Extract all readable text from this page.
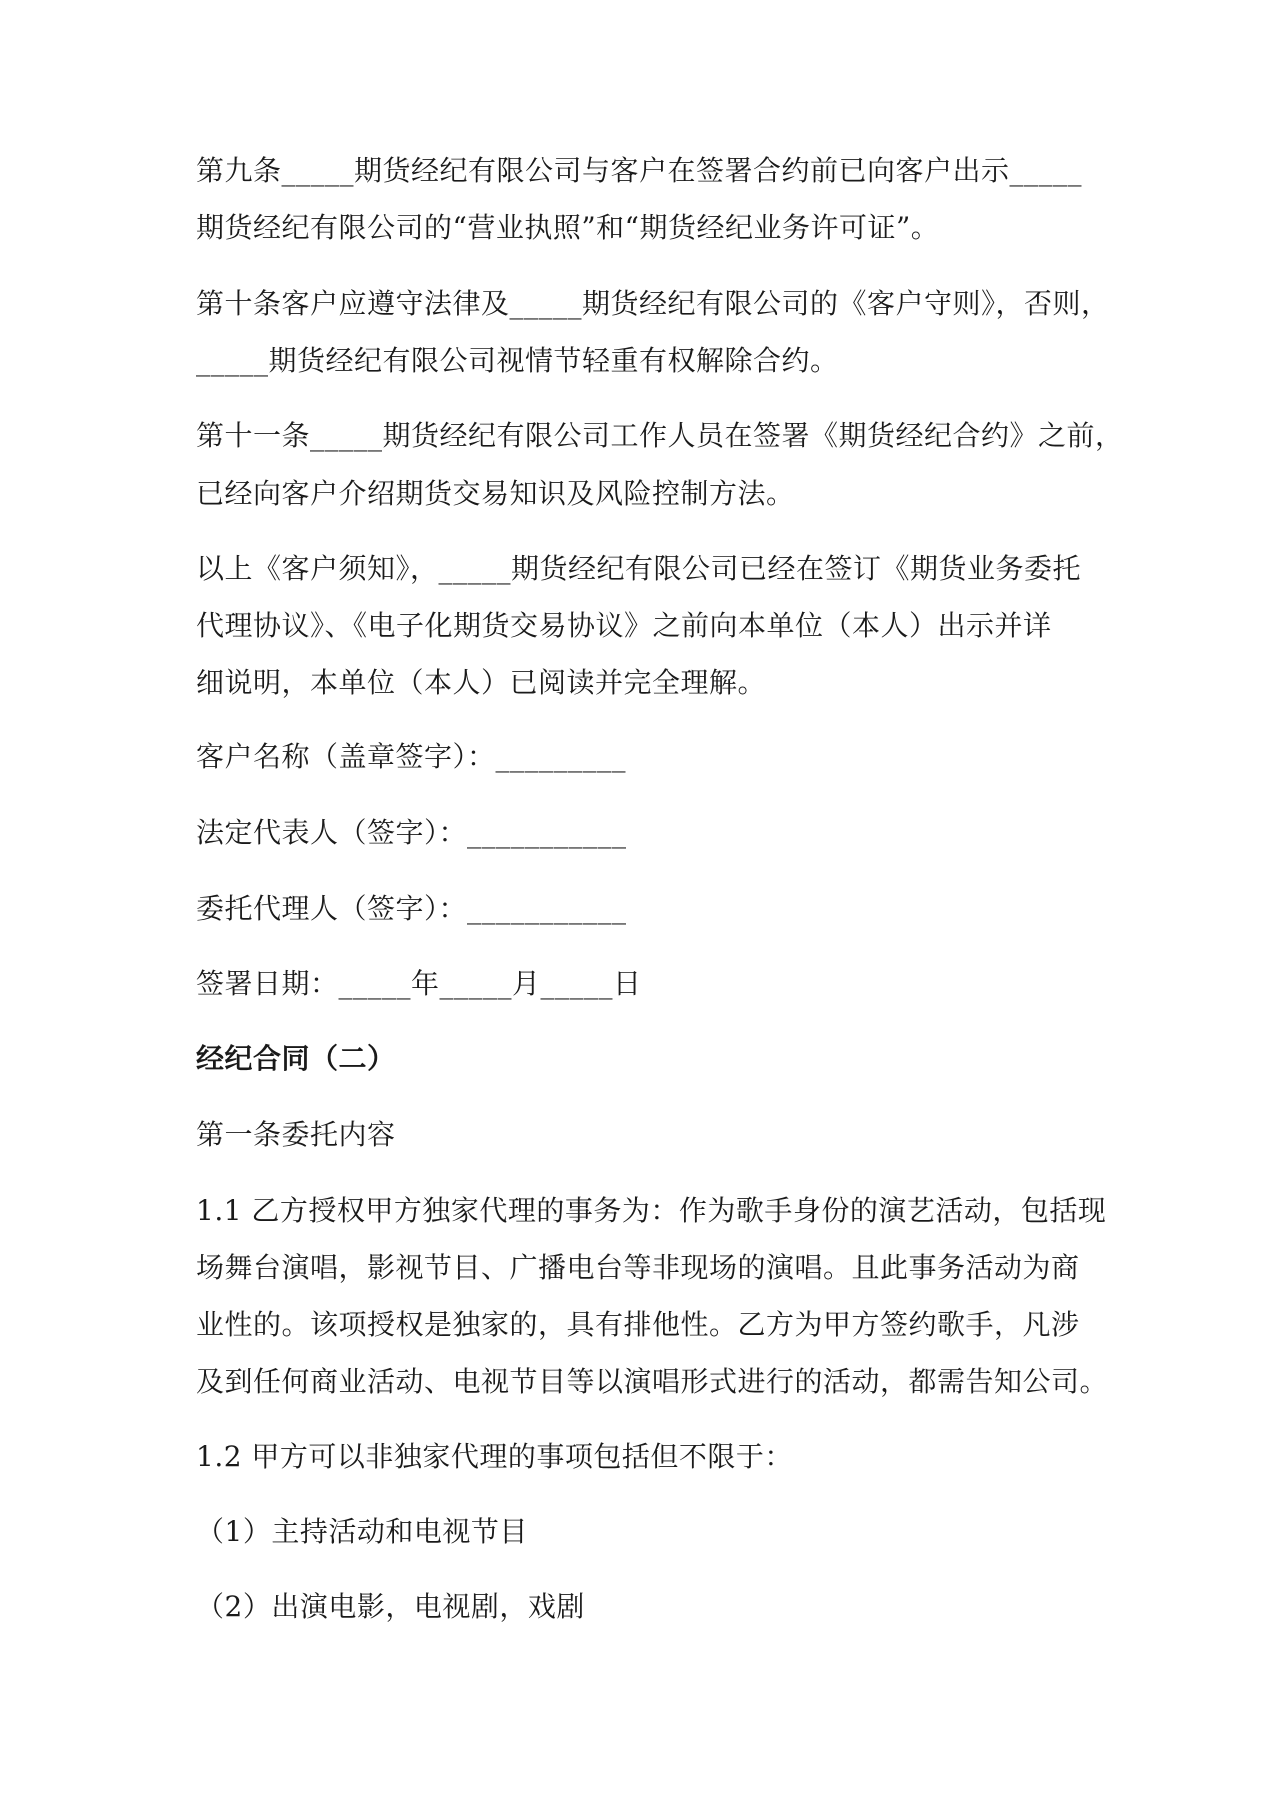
第九条_____期货经纪有限公司与客户在签署合约前已向客户出示_____

期货经纪有限公司的“营业执照”和“期货经纪业务许可证”。

第十条客户应遵守法律及_____期货经纪有限公司的《客户守则》，否则，

_____期货经纪有限公司视情节轻重有权解除合约。

第十一条_____期货经纪有限公司工作人员在签署《期货经纪合约》之前，

已经向客户介绍期货交易知识及风险控制方法。

以上《客户须知》，_____期货经纪有限公司已经在签订《期货业务委托

代理协议》、《电子化期货交易协议》之前向本单位（本人）出示并详

细说明，本单位（本人）已阅读并完全理解。

客户名称（盖章签字）：_________

法定代表人（签字）：___________

委托代理人（签字）：___________

签署日期：_____年_____月_____日

经纪合同（二）

第一条委托内容

1.1 乙方授权甲方独家代理的事务为：作为歌手身份的演艺活动，包括现

场舞台演唱，影视节目、广播电台等非现场的演唱。且此事务活动为商

业性的。该项授权是独家的，具有排他性。乙方为甲方签约歌手，凡涉

及到任何商业活动、电视节目等以演唱形式进行的活动，都需告知公司。

1.2 甲方可以非独家代理的事项包括但不限于：

（1）主持活动和电视节目

（2）出演电影，电视剧，戏剧
